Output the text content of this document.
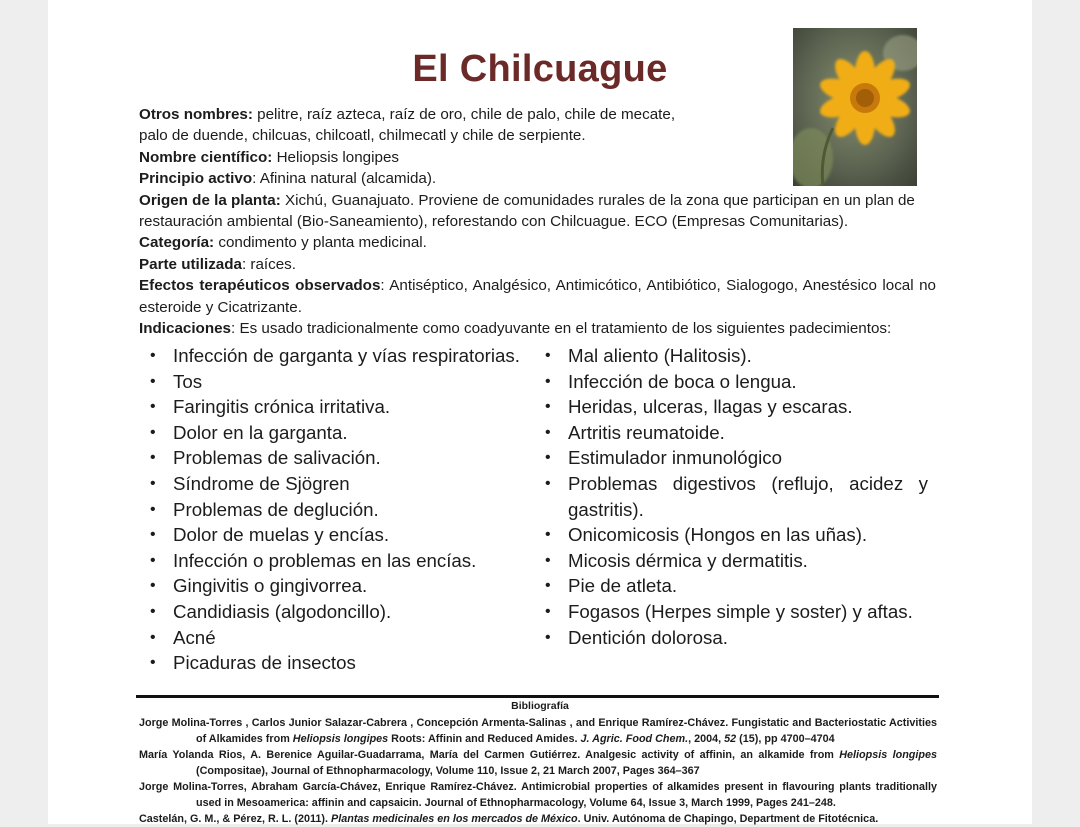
El Chilcuague

Otros nombres: pelitre, raíz azteca, raíz de oro, chile de palo, chile de mecate,

palo de duende, chilcuas, chilcoatl, chilmecatl y chile de serpiente.

Nombre científico: Heliopsis longipes

Principio activo: Afinina natural (alcamida).

Origen de la planta: Xichú, Guanajuato. Proviene de comunidades rurales de la zona que participan en un plan de restauración ambiental (Bio-Saneamiento), reforestando con Chilcuague. ECO (Empresas Comunitarias).

Categoría: condimento y planta medicinal.

Parte utilizada: raíces.

Efectos terapéuticos observados: Antiséptico, Analgésico, Antimicótico, Antibiótico, Sialogogo, Anestésico local no esteroide y Cicatrizante.

Indicaciones: Es usado tradicionalmente como coadyuvante en el tratamiento de los siguientes padecimientos:

• Infección de garganta y vías respiratorias.
• Tos
• Faringitis crónica irritativa.
• Dolor en la garganta.
• Problemas de salivación.
• Síndrome de Sjögren
• Problemas de deglución.
• Dolor de muelas y encías.
• Infección o problemas en las encías.
• Gingivitis o gingivorrea.
• Candidiasis (algodoncillo).
• Acné
• Picaduras de insectos
• Mal aliento (Halitosis).
• Infección de boca o lengua.
• Heridas, ulceras, llagas y escaras.
• Artritis reumatoide.
• Estimulador inmunológico
• Problemas digestivos (reflujo, acidez y gastritis).
• Onicomicosis (Hongos en las uñas).
• Micosis dérmica y dermatitis.
• Pie de atleta.
• Fogasos (Herpes simple y soster) y aftas.
• Dentición dolorosa.
Bibliografía

Jorge Molina-Torres , Carlos Junior Salazar-Cabrera , Concepción Armenta-Salinas , and Enrique Ramírez-Chávez. Fungistatic and Bacteriostatic Activities of Alkamides from Heliopsis longipes Roots: Affinin and Reduced Amides. J. Agric. Food Chem., 2004, 52 (15), pp 4700–4704

María Yolanda Rios, A. Berenice Aguilar-Guadarrama, María del Carmen Gutiérrez. Analgesic activity of affinin, an alkamide from Heliopsis longipes (Compositae), Journal of Ethnopharmacology, Volume 110, Issue 2, 21 March 2007, Pages 364–367

Jorge Molina-Torres, Abraham García-Chávez, Enrique Ramírez-Chávez. Antimicrobial properties of alkamides present in flavouring plants traditionally used in Mesoamerica: affinin and capsaicin. Journal of Ethnopharmacology, Volume 64, Issue 3, March 1999, Pages 241–248.

Castelán, G. M., & Pérez, R. L. (2011). Plantas medicinales en los mercados de México. Univ. Autónoma de Chapingo, Department de Fitotécnica.
